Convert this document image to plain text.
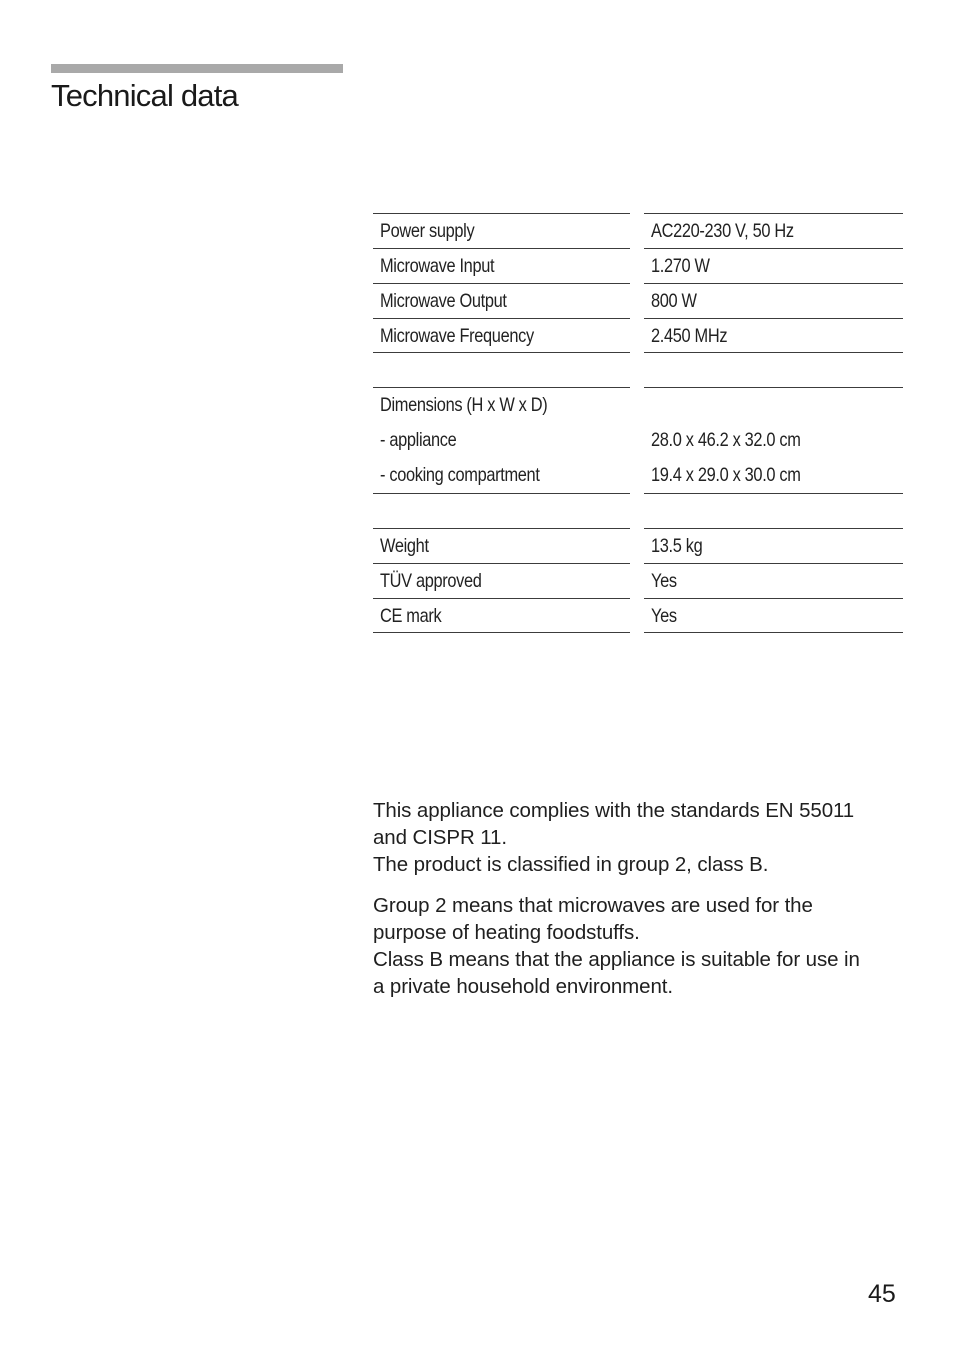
Technical data
Power supply
Microwave Input
Microwave Output
Microwave Frequency
AC220-230 V, 50 Hz
1.270 W
800 W
2.450 MHz
Dimensions (H x W x D)
- appliance
- cooking compartment
28.0 x 46.2 x 32.0 cm
19.4 x 29.0 x 30.0 cm
Weight
TÜV approved
CE mark
13.5 kg
Yes
Yes

This appliance complies with the standards EN 55011
and CISPR 11.
The product is classified in group 2, class B.

Group 2 means that microwaves are used for the
purpose of heating foodstuffs.
Class B means that the appliance is suitable for use in
a private household environment.

45
